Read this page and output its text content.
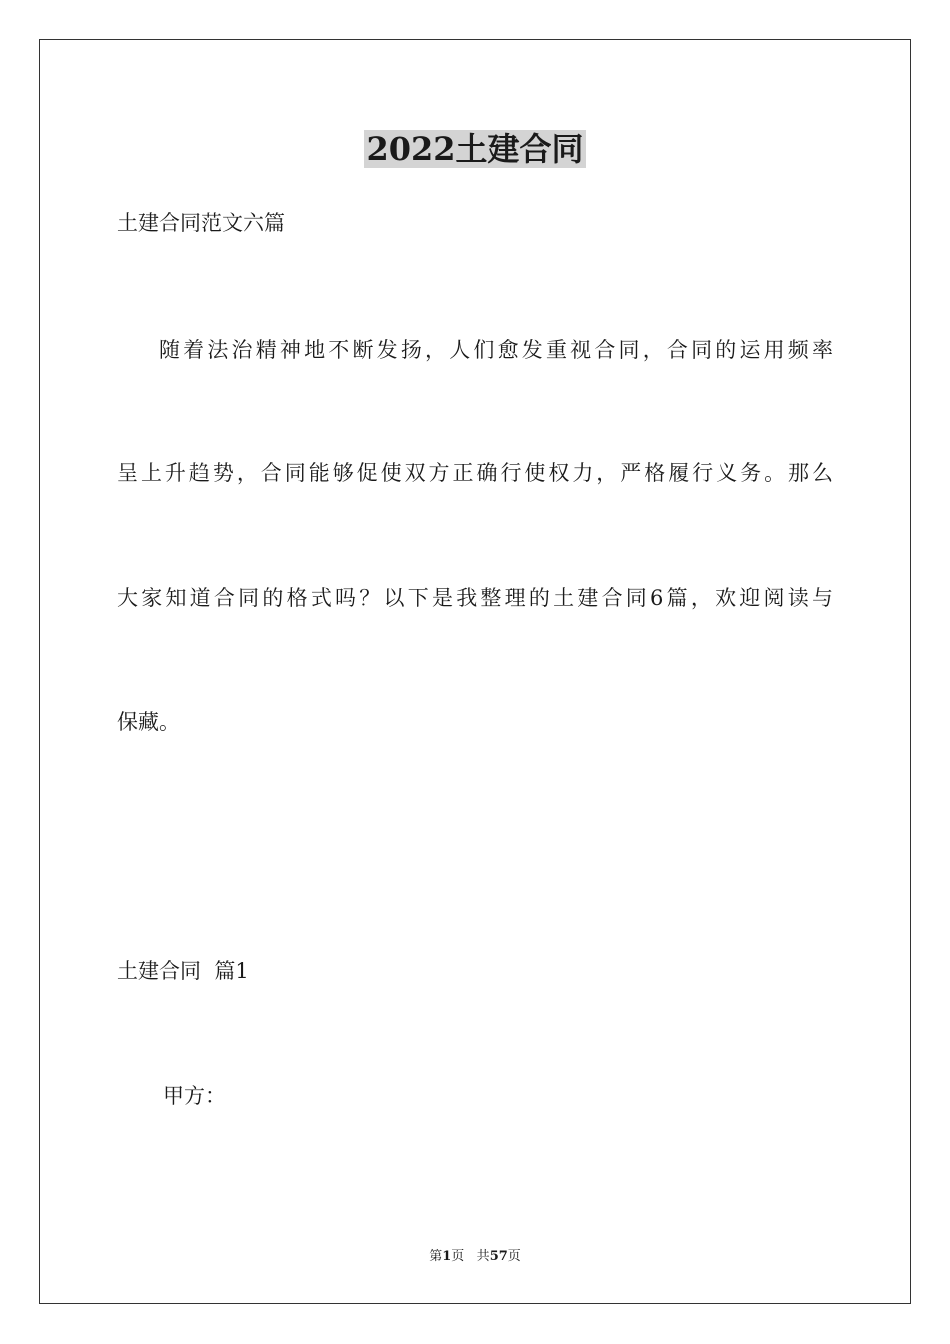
2022土建合同
土建合同范文六篇
随着法治精神地不断发扬，人们愈发重视合同，合同的运用频率
呈上升趋势，合同能够促使双方正确行使权力，严格履行义务。那么
大家知道合同的格式吗？以下是我整理的土建合同6篇，欢迎阅读与
保藏。
土建合同  篇1
甲方：
第1页 共57页
